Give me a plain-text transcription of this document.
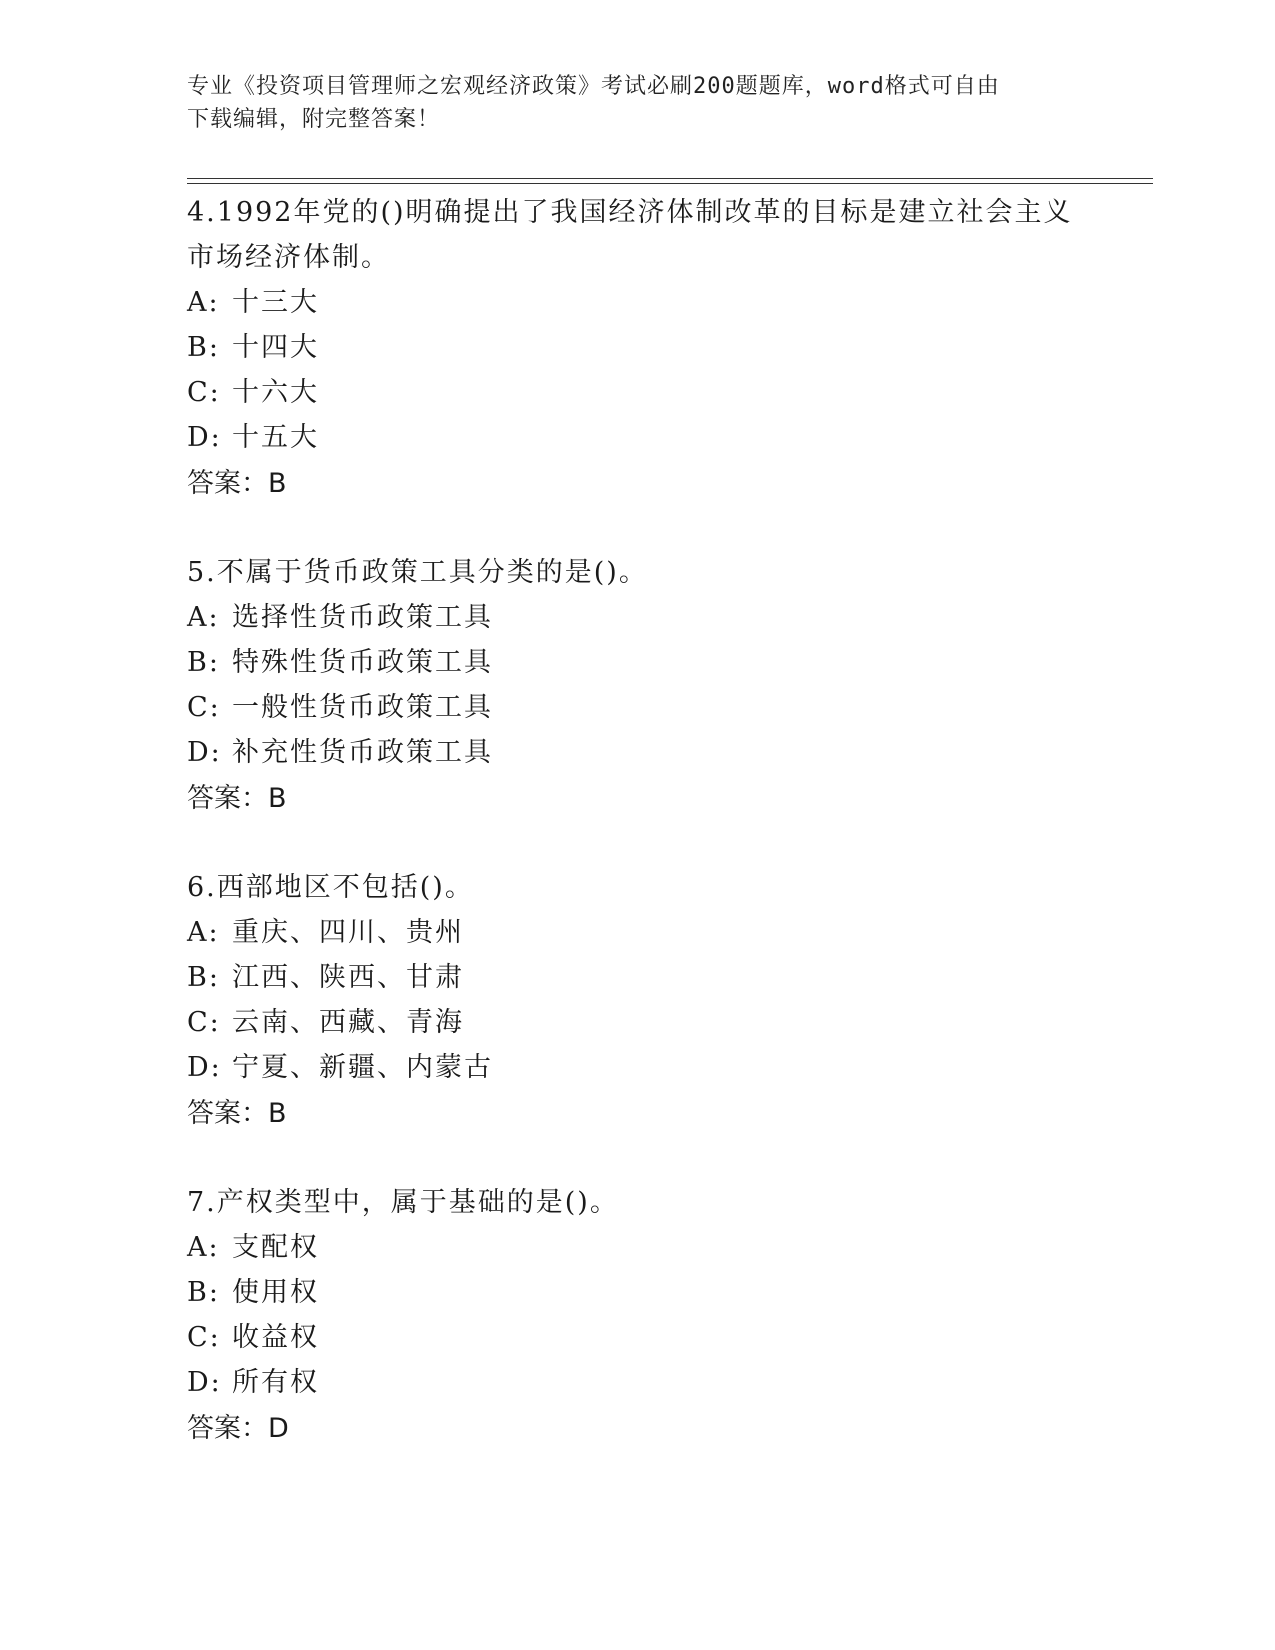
专业《投资项目管理师之宏观经济政策》考试必刷200题题库，word格式可自由
下载编辑，附完整答案！
4.1992年党的()明确提出了我国经济体制改革的目标是建立社会主义
市场经济体制。
A: 十三大
B: 十四大
C: 十六大
D: 十五大
答案：B
5.不属于货币政策工具分类的是()。
A: 选择性货币政策工具
B: 特殊性货币政策工具
C: 一般性货币政策工具
D: 补充性货币政策工具
答案：B
6.西部地区不包括()。
A: 重庆、四川、贵州
B: 江西、陕西、甘肃
C: 云南、西藏、青海
D: 宁夏、新疆、内蒙古
答案：B
7.产权类型中，属于基础的是()。
A: 支配权
B: 使用权
C: 收益权
D: 所有权
答案：D
